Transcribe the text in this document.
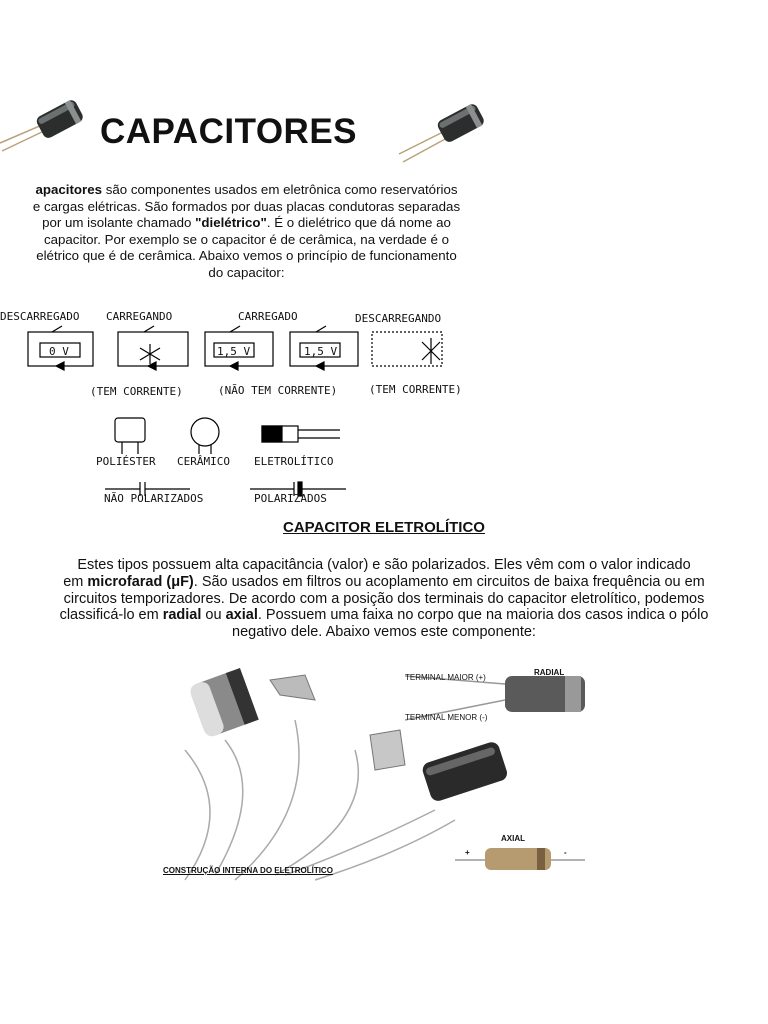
CAPACITORES

apacitores são componentes usados em eletrônica como reservatórios

e cargas elétricas. São formados por duas placas condutoras separadas

por um isolante chamado "dielétrico". É o dielétrico que dá nome ao

capacitor. Por exemplo se o capacitor é de cerâmica, na verdade é o

elétrico que é de cerâmica. Abaixo vemos o princípio de funcionamento

do capacitor:

DESCARREGADO CARREGANDO	CARREGADO	DESCARREGANDO
0 V	1,5 V	1,5 V
(TEM CORRENTE)	(NÃO TEM CORRENTE)	(TEM CORRENTE)
POLIÉSTER CERÂMICO ELETROLÍTICO
NÃO POLARIZADOS	POLARIZADOS
CAPACITOR ELETROLÍTICO

Estes tipos possuem alta capacitância (valor) e são polarizados. Eles vêm com o valor indicado

em microfarad (μF). São usados em filtros ou acoplamento em circuitos de baixa frequência ou em

circuitos temporizadores. De acordo com a posição dos terminais do capacitor eletrolítico, podemos

classificá-lo em radial ou axial. Possuem uma faixa no corpo que na maioria dos casos indica o pólo

negativo dele. Abaixo vemos este componente:

CONSTRUÇÃO INTERNA DO ELETROLÍTICO
RADIAL
TERMINAL MAIOR (+)
TERMINAL MENOR (-)
AXIAL
+	-
